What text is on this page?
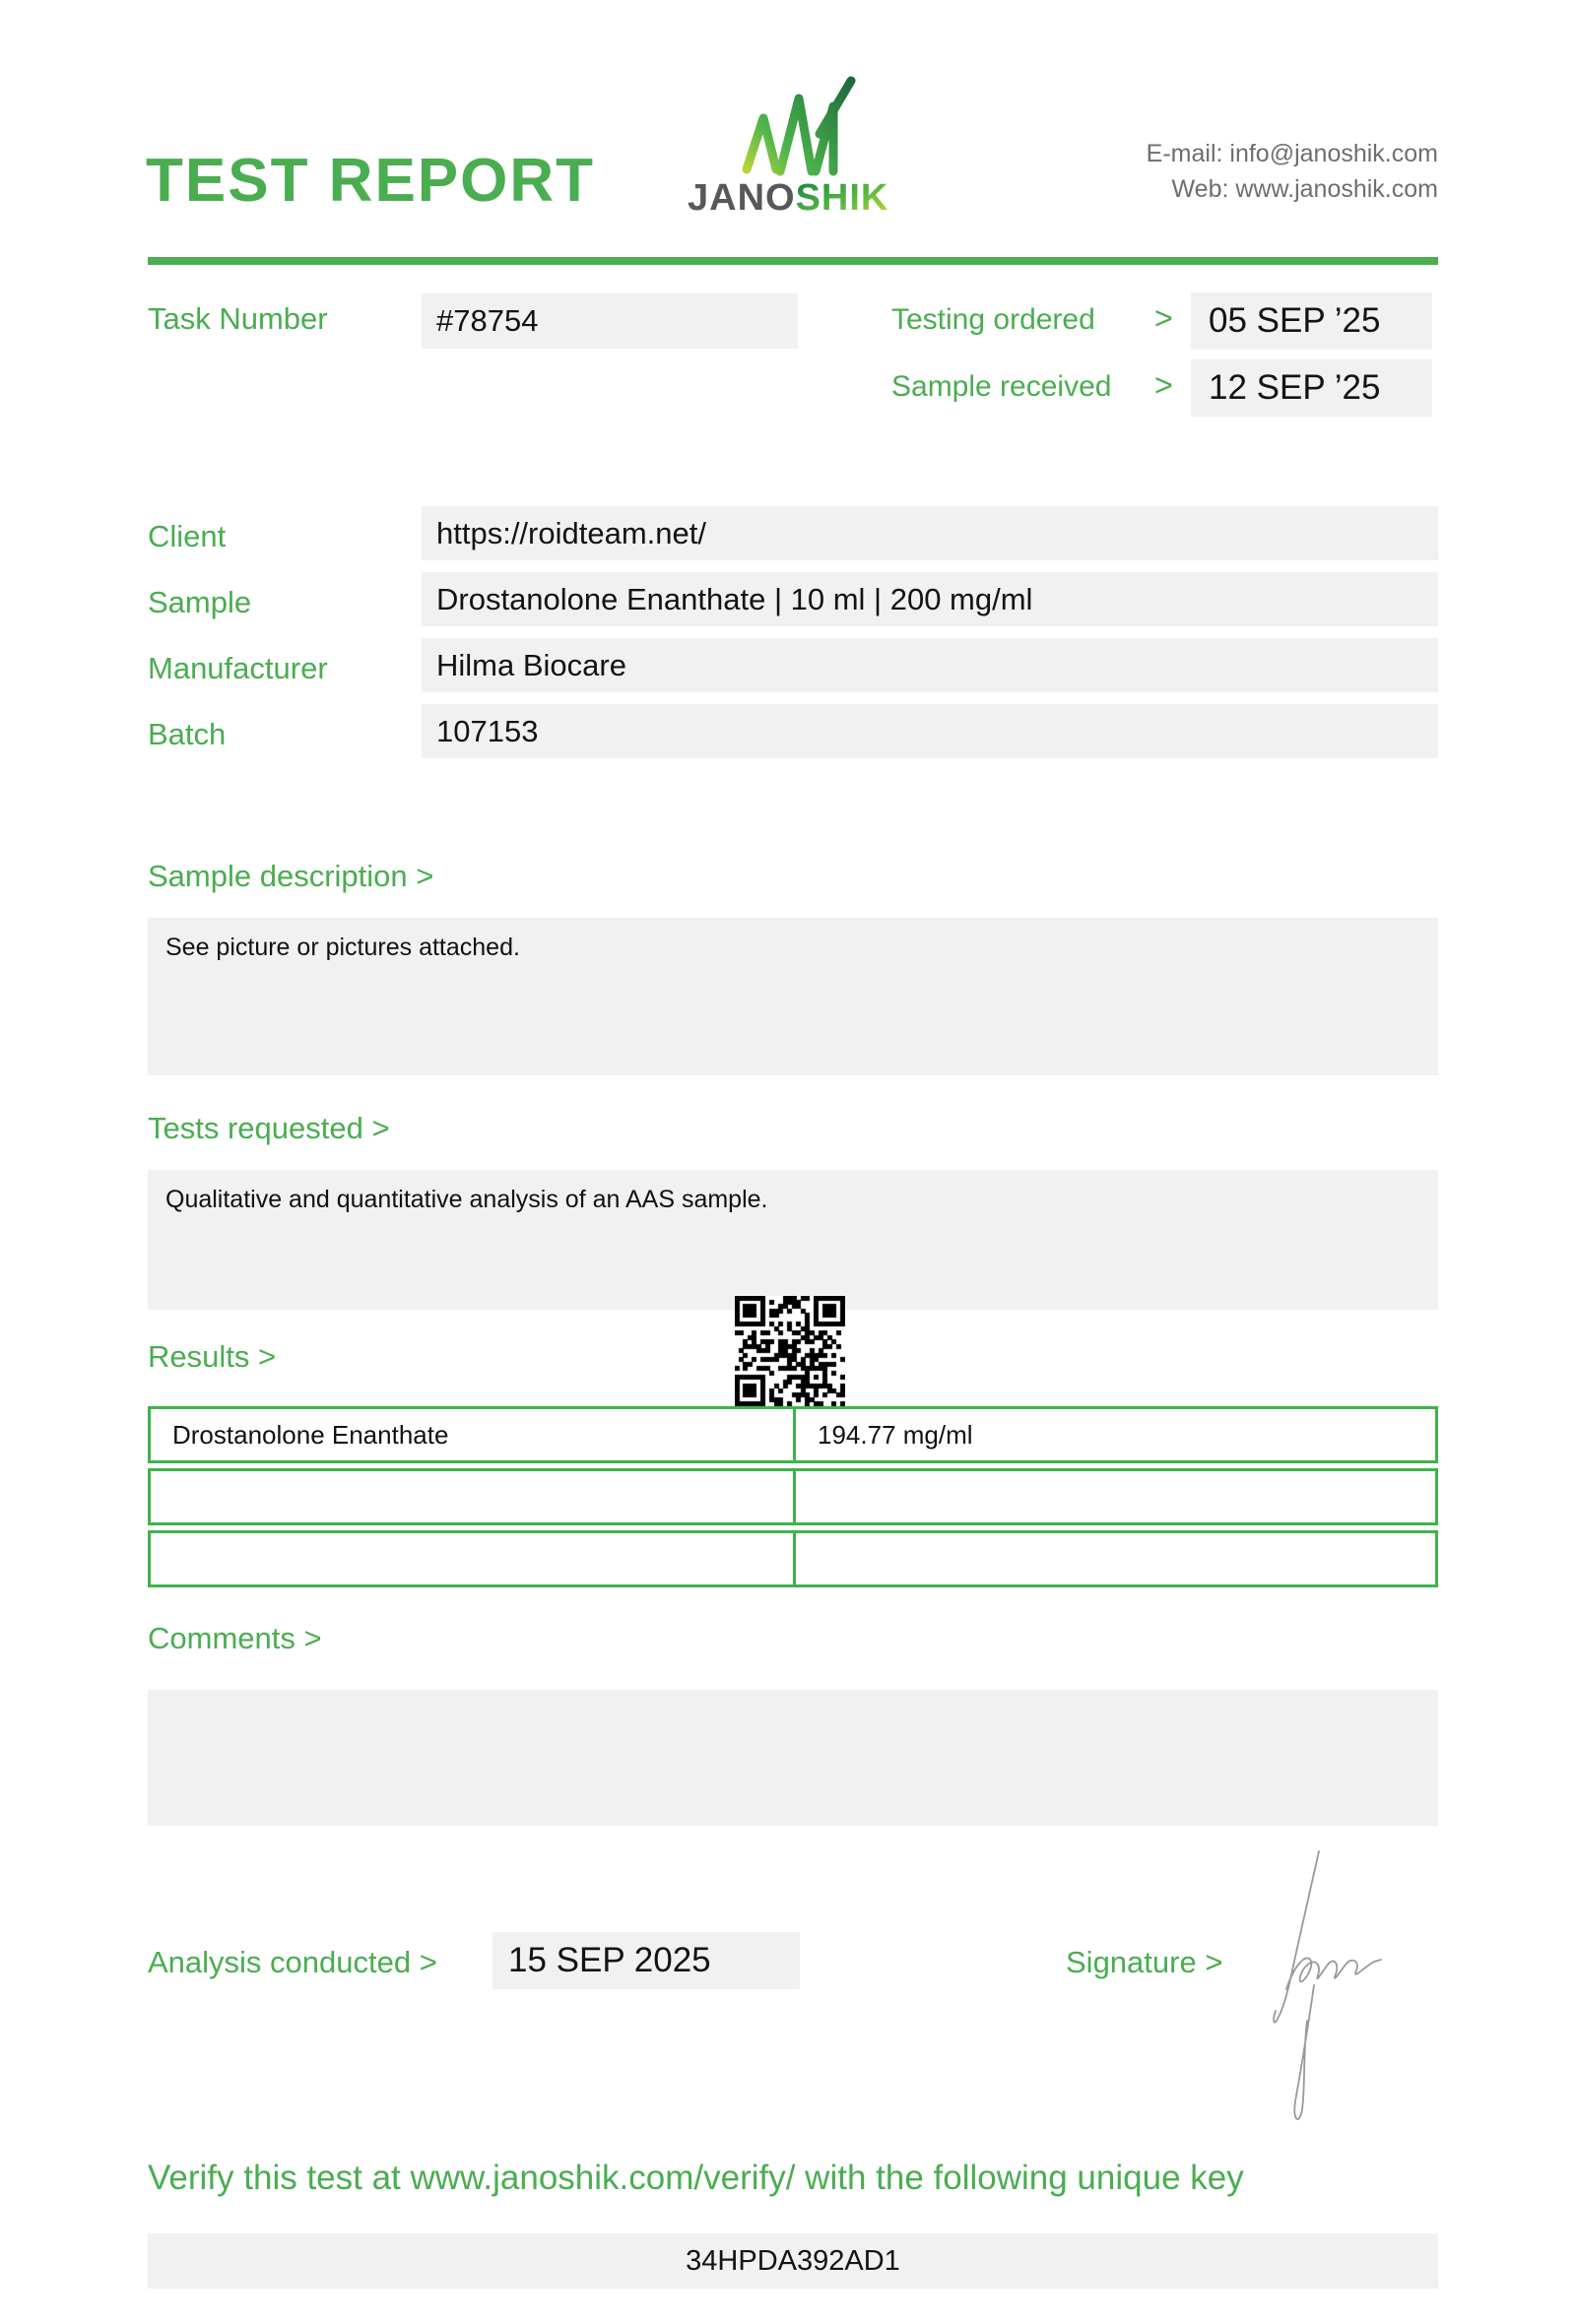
TEST REPORT JANOSHIK
E-mail: info@janoshik.com
Web: www.janoshik.com
Task Number	#78754	Testing ordered >	05 SEP ’25
Sample received >	12 SEP ’25
Client	https://roidteam.net/
Sample	Drostanolone Enanthate | 10 ml | 200 mg/ml
Manufacturer	Hilma Biocare
Batch	107153
Sample description >
See picture or pictures attached.
Tests requested >
Qualitative and quantitative analysis of an AAS sample.
Results >
Drostanolone Enanthate	194.77 mg/ml
Comments >
Analysis conducted >	15 SEP 2025	Signature >
Verify this test at www.janoshik.com/verify/ with the following unique key
34HPDA392AD1
